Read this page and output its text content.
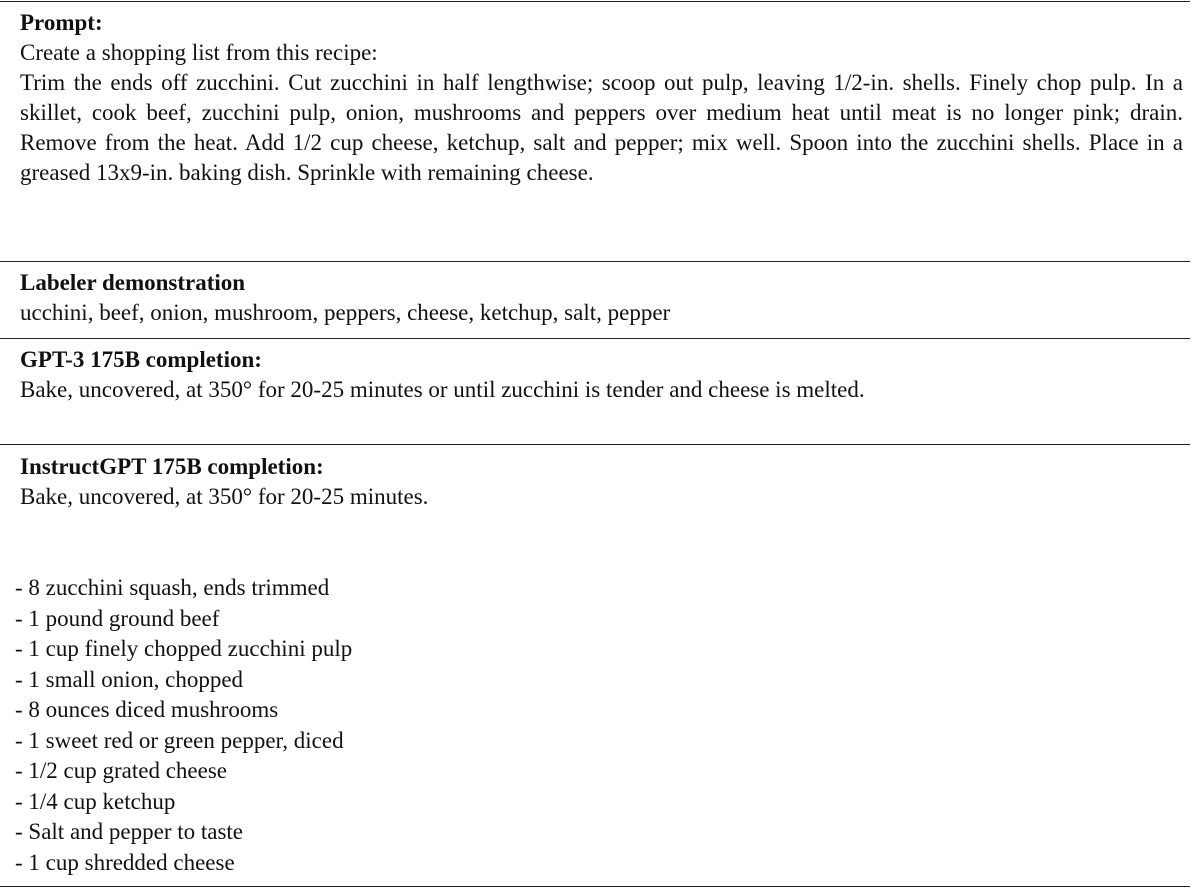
Prompt:

Create a shopping list from this recipe:

Trim the ends off zucchini. Cut zucchini in half lengthwise; scoop out pulp, leaving 1/2-in. shells. Finely chop pulp. In a skillet, cook beef, zucchini pulp, onion, mushrooms and peppers over medium heat until meat is no longer pink; drain. Remove from the heat. Add 1/2 cup cheese, ketchup, salt and pepper; mix well. Spoon into the zucchini shells. Place in a greased 13x9-in. baking dish. Sprinkle with remaining cheese.

Labeler demonstration

ucchini, beef, onion, mushroom, peppers, cheese, ketchup, salt, pepper

GPT-3 175B completion:

Bake, uncovered, at 350° for 20-25 minutes or until zucchini is tender and cheese is melted.

InstructGPT 175B completion:

Bake, uncovered, at 350° for 20-25 minutes.

- 8 zucchini squash, ends trimmed
- 1 pound ground beef
- 1 cup finely chopped zucchini pulp
- 1 small onion, chopped
- 8 ounces diced mushrooms
- 1 sweet red or green pepper, diced
- 1/2 cup grated cheese
- 1/4 cup ketchup
- Salt and pepper to taste
- 1 cup shredded cheese
